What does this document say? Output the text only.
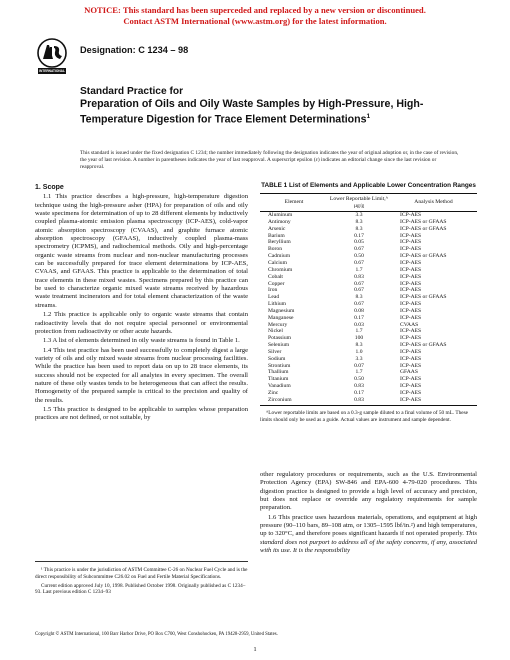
NOTICE: This standard has been superceded and replaced by a new version or discontinued.
Contact ASTM International (www.astm.org) for the latest information.
INTERNATIONAL
Designation: C 1234 – 98
Standard Practice for
Preparation of Oils and Oily Waste Samples by High-Pressure, High-Temperature Digestion for Trace Element Determinations$^1$
This standard is issued under the fixed designation C 1234; the number immediately following the designation indicates the year of original adoption or, in the case of revision, the year of last revision. A number in parentheses indicates the year of last reapproval. A superscript epsilon (ε) indicates an editorial change since the last revision or reapproval.

1. Scope

1.1 This practice describes a high-pressure, high-temperature digestion technique using the high-pressure asher (HPA) for preparation of oils and oily waste specimens for determination of up to 28 different elements by inductively coupled plasma-atomic emission plasma spectroscopy (ICP-AES), cold-vapor atomic absorption spectroscopy (CVAAS), and graphite furnace atomic absorption spectroscopy (GFAAS), inductively coupled plasma-mass spectrometry (ICPMS), and radiochemical methods. Oily and high-percentage organic waste streams from nuclear and non-nuclear manufacturing processes can be successfully prepared for trace element determinations by ICP-AES, CVAAS, and GFAAS. This practice is applicable to the determination of total trace elements in these mixed wastes. Specimens prepared by this practice can be used to characterize organic mixed waste streams received by hazardous waste treatment incinerators and for total element characterization of the waste streams.

1.2 This practice is applicable only to organic waste streams that contain radioactivity levels that do not require special personnel or environmental protection from radioactivity or other acute hazards.

1.3 A list of elements determined in oily waste streams is found in Table 1.

1.4 This test practice has been used successfully to completely digest a large variety of oils and oily mixed waste streams from nuclear processing facilities. While the practice has been used to report data on up to 28 trace elements, its success should not be expected for all analytes in every specimen. The overall nature of these oily wastes tends to be heterogeneous that can affect the results. Homogeneity of the prepared sample is critical to the precision and quality of the results.

1.5 This practice is designed to be applicable to samples whose preparation practices are not defined, or not suitable, by

¹ This practice is under the jurisdiction of ASTM Committee C-26 on Nuclear Fuel Cycle and is the direct responsibility of Subcommittee C26.02 on Fuel and Fertile Material Specifications.

Current edition approved July 10, 1998. Published October 1998. Originally published as C 1234–93. Last previous edition C 1234–93

TABLE 1 List of Elements and Applicable Lower Concentration Ranges
Element	Lower Reportable Limit,ᴬ µg/g	Analysis Method
Aluminum	3.3	ICP-AES
Antimony	8.3	ICP-AES or GFAAS
Arsenic	8.3	ICP-AES or GFAAS
Barium	0.17	ICP-AES
Beryllium	0.05	ICP-AES
Boron	0.67	ICP-AES
Cadmium	0.50	ICP-AES or GFAAS
Calcium	0.67	ICP-AES
Chromium	1.7	ICP-AES
Cobalt	0.83	ICP-AES
Copper	0.67	ICP-AES
Iron	0.67	ICP-AES
Lead	8.3	ICP-AES or GFAAS
Lithium	0.67	ICP-AES
Magnesium	0.08	ICP-AES
Manganese	0.17	ICP-AES
Mercury	0.03	CVAAS
Nickel	1.7	ICP-AES
Potassium	100	ICP-AES
Selenium	8.3	ICP-AES or GFAAS
Silver	1.0	ICP-AES
Sodium	3.3	ICP-AES
Strontium	0.07	ICP-AES
Thallium	1.7	GFAAS
Titanium	0.50	ICP-AES
Vanadium	0.83	ICP-AES
Zinc	0.17	ICP-AES
Zirconium	0.83	ICP-AES
ᴬLower reportable limits are based on a 0.3-g sample diluted to a final volume of 50 mL. These limits should only be used as a guide. Actual values are instrument and sample dependent.

other regulatory procedures or requirements, such as the U.S. Environmental Protection Agency (EPA) SW-846 and EPA-600 4-79-020 procedures. This digestion practice is designed to provide a high level of accuracy and precision, but does not replace or override any regulatory requirements for sample preparation.

1.6 This practice uses hazardous materials, operations, and equipment at high pressure (90–110 bars, 89–108 atm, or 1305–1595 lbf/in.²) and high temperatures, up to 320°C, and therefore poses significant hazards if not operated properly. This standard does not purport to address all of the safety concerns, if any, associated with its use. It is the responsibility

Copyright © ASTM International, 100 Barr Harbor Drive, PO Box C700, West Conshohocken, PA 19428-2959, United States.
1
